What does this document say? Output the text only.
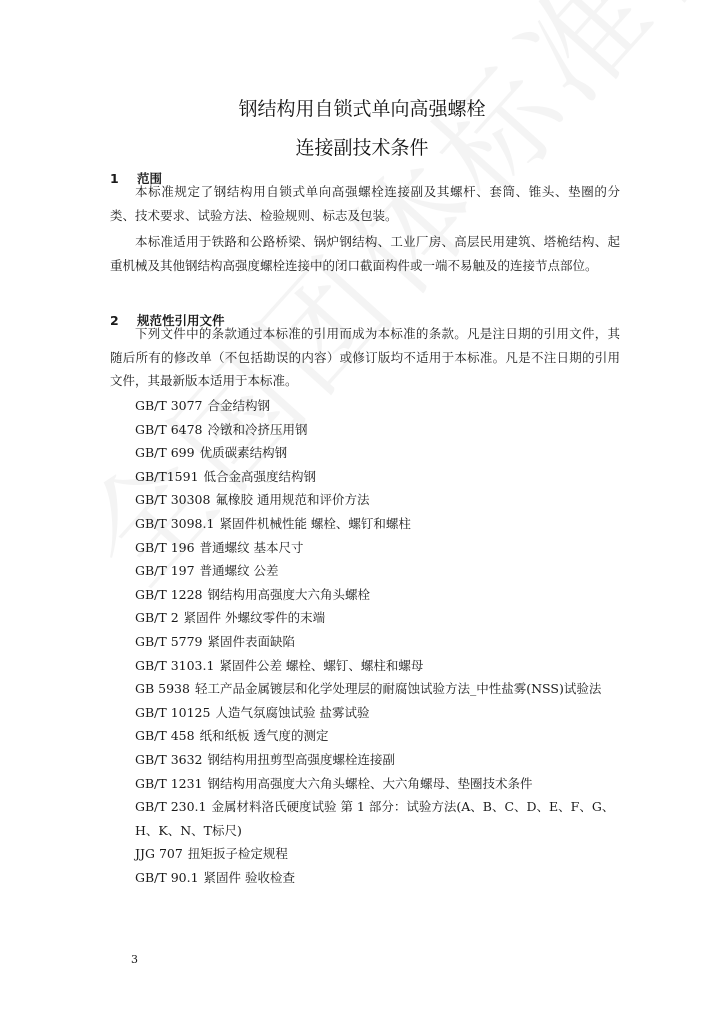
钢结构用自锁式单向高强螺栓
连接副技术条件
1 范围

本标准规定了钢结构用自锁式单向高强螺栓连接副及其螺杆、套筒、锥头、垫圈的分类、技术要求、试验方法、检验规则、标志及包装。

本标准适用于铁路和公路桥梁、锅炉钢结构、工业厂房、高层民用建筑、塔桅结构、起重机械及其他钢结构高强度螺栓连接中的闭口截面构件或一端不易触及的连接节点部位。

2 规范性引用文件

下列文件中的条款通过本标准的引用而成为本标准的条款。凡是注日期的引用文件，其随后所有的修改单（不包括勘误的内容）或修订版均不适用于本标准。凡是不注日期的引用文件，其最新版本适用于本标准。

GB/T 3077 合金结构钢
GB/T 6478 冷镦和冷挤压用钢
GB/T 699 优质碳素结构钢
GB/T1591 低合金高强度结构钢
GB/T 30308 氟橡胶 通用规范和评价方法
GB/T 3098.1 紧固件机械性能 螺栓、螺钉和螺柱
GB/T 196 普通螺纹 基本尺寸
GB/T 197 普通螺纹 公差
GB/T 1228 钢结构用高强度大六角头螺栓
GB/T 2 紧固件 外螺纹零件的末端
GB/T 5779 紧固件表面缺陷
GB/T 3103.1 紧固件公差 螺栓、螺钉、螺柱和螺母
GB 5938 轻工产品金属镀层和化学处理层的耐腐蚀试验方法_中性盐雾(NSS)试验法
GB/T 10125 人造气氛腐蚀试验 盐雾试验
GB/T 458 纸和纸板 透气度的测定
GB/T 3632 钢结构用扭剪型高强度螺栓连接副
GB/T 1231 钢结构用高强度大六角头螺栓、大六角螺母、垫圈技术条件
GB/T 230.1 金属材料洛氏硬度试验 第 1 部分：试验方法(A、B、C、D、E、F、G、H、K、N、T标尺)
JJG 707 扭矩扳子检定规程
GB/T 90.1 紧固件 验收检查
3
